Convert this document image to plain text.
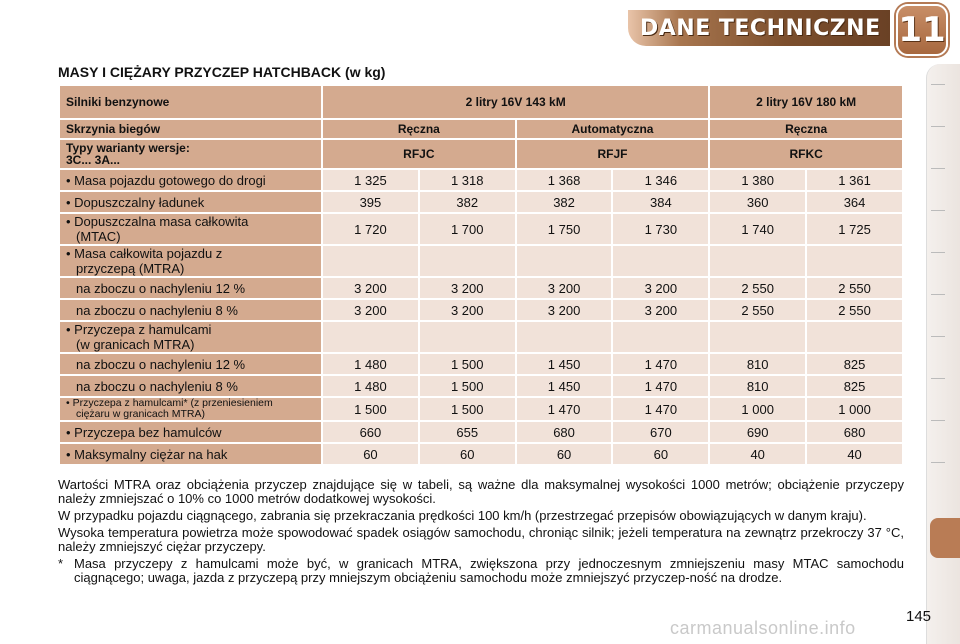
DANE TECHNICZNE 11
MASY I CIĘŻARY PRZYCZEP HATCHBACK (w kg)
Silniki benzynowe	2 litry 16V 143 kM				2 litry 16V 180 kM	
Skrzynia biegów	Ręczna		Automatyczna		Ręczna	
Typy warianty wersje:
3C... 3A...	RFJC		RFJF		RFKC	
• Masa pojazdu gotowego do drogi	1 325	1 318	1 368	1 346	1 380	1 361
• Dopuszczalny ładunek	395	382	382	384	360	364
• Dopuszczalna masa całkowita
(MTAC)	1 720	1 700	1 750	1 730	1 740	1 725
• Masa całkowita pojazdu z
przyczepą (MTRA)						

na zboczu o nachyleniu 12 %	3 200	3 200	3 200	3 200	2 550	2 550
na zboczu o nachyleniu 8 %	3 200	3 200	3 200	3 200	2 550	2 550
• Przyczepa z hamulcami
(w granicach MTRA)						

na zboczu o nachyleniu 12 %	1 480	1 500	1 450	1 470	810	825
na zboczu o nachyleniu 8 %	1 480	1 500	1 450	1 470	810	825
• Przyczepa z hamulcami* (z przeniesieniem
ciężaru w granicach MTRA)	1 500	1 500	1 470	1 470	1 000	1 000
• Przyczepa bez hamulców	660	655	680	670	690	680
• Maksymalny ciężar na hak	60	60	60	60	40	40

Wartości MTRA oraz obciążenia przyczep znajdujące się w tabeli, są ważne dla maksymalnej wysokości 1000 metrów; obciążenie przyczepy należy zmniejszać o 10% co 1000 metrów dodatkowej wysokości.

W przypadku pojazdu ciągnącego, zabrania się przekraczania prędkości 100 km/h (przestrzegać przepisów obowiązujących w danym kraju).

Wysoka temperatura powietrza może spowodować spadek osiągów samochodu, chroniąc silnik; jeżeli temperatura na zewnątrz przekroczy 37 °C, należy zmniejszyć ciężar przyczepy.

* Masa przyczepy z hamulcami może być, w granicach MTRA, zwiększona przy jednoczesnym zmniejszeniu masy MTAC samochodu ciągnącego; uwaga, jazda z przyczepą przy mniejszym obciążeniu samochodu może zmniejszyć przyczep-ność na drodze.

145
carmanualsonline.info
